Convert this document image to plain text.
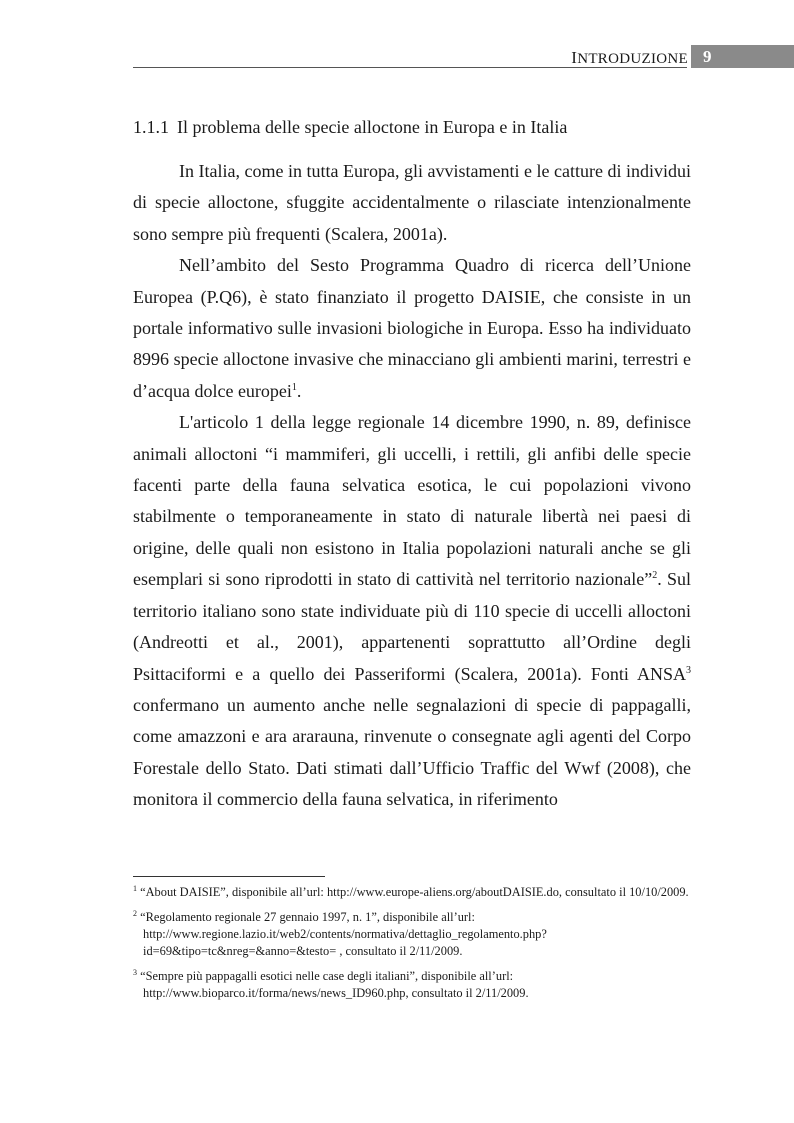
INTRODUZIONE 9
1.1.1 Il problema delle specie alloctone in Europa e in Italia

In Italia, come in tutta Europa, gli avvistamenti e le catture di individui di specie alloctone, sfuggite accidentalmente o rilasciate intenzionalmente sono sempre più frequenti (Scalera, 2001a).

Nell’ambito del Sesto Programma Quadro di ricerca dell’Unione Europea (P.Q6), è stato finanziato il progetto DAISIE, che consiste in un portale informativo sulle invasioni biologiche in Europa. Esso ha individuato 8996 specie alloctone invasive che minacciano gli ambienti marini, terrestri e d’acqua dolce europei$^1$.

L'articolo 1 della legge regionale 14 dicembre 1990, n. 89, definisce animali alloctoni “i mammiferi, gli uccelli, i rettili, gli anfibi delle specie facenti parte della fauna selvatica esotica, le cui popolazioni vivono stabilmente o temporaneamente in stato di naturale libertà nei paesi di origine, delle quali non esistono in Italia popolazioni naturali anche se gli esemplari si sono riprodotti in stato di cattività nel territorio nazionale”$^2$. Sul territorio italiano sono state individuate più di 110 specie di uccelli alloctoni (Andreotti et al., 2001), appartenenti soprattutto all’Ordine degli Psittaciformi e a quello dei Passeriformi (Scalera, 2001a). Fonti ANSA$^3$ confermano un aumento anche nelle segnalazioni di specie di pappagalli, come amazzoni e ara ararauna, rinvenute o consegnate agli agenti del Corpo Forestale dello Stato. Dati stimati dall’Ufficio Traffic del Wwf (2008), che monitora il commercio della fauna selvatica, in riferimento

$^1$ “About DAISIE”, disponibile all’url: http://www.europe-aliens.org/aboutDAISIE.do, consultato il 10/10/2009.

$^2$ “Regolamento regionale 27 gennaio 1997, n. 1”, disponibile all’url: http://www.regione.lazio.it/web2/contents/normativa/dettaglio_regolamento.php?id=69&tipo=tc&nreg=&anno=&testo= , consultato il 2/11/2009.

$^3$ “Sempre più pappagalli esotici nelle case degli italiani”, disponibile all’url: http://www.bioparco.it/forma/news/news_ID960.php, consultato il 2/11/2009.
